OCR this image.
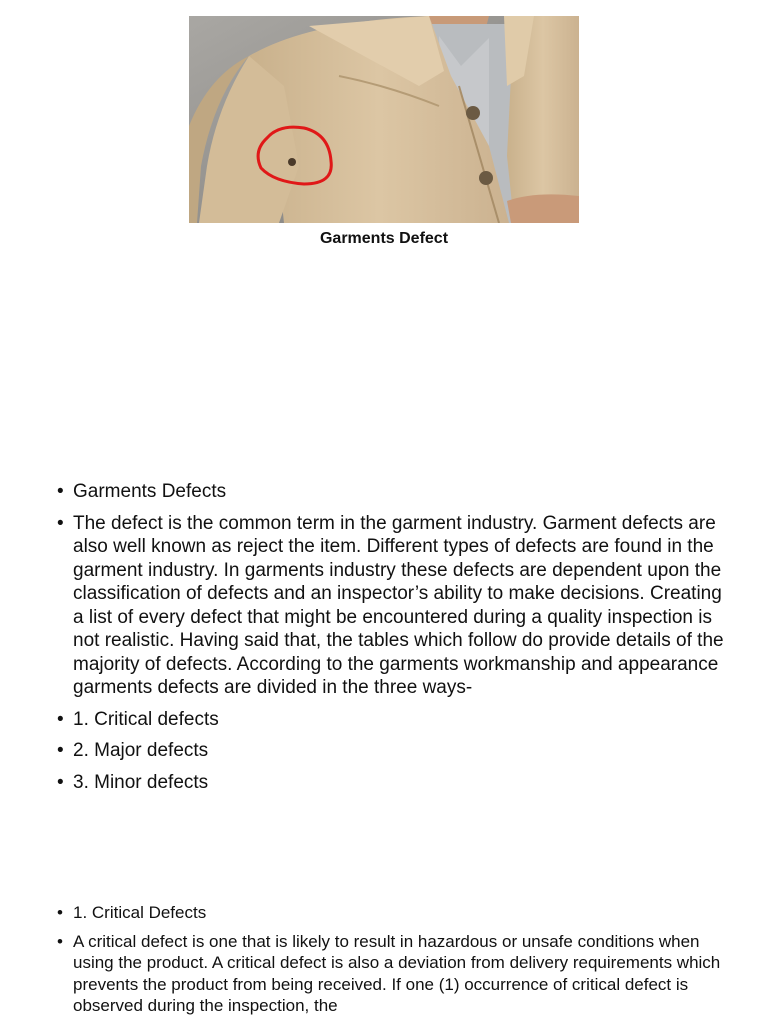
Garments Defect
• Garments Defects
• The defect is the common term in the garment industry. Garment defects are also well known as reject the item. Different types of defects are found in the garment industry. In garments industry these defects are dependent upon the classification of defects and an inspector’s ability to make decisions. Creating a list of every defect that might be encountered during a quality inspection is not realistic. Having said that, the tables which follow do provide details of the majority of defects. According to the garments workmanship and appearance garments defects are divided in the three ways-
• 1. Critical defects
• 2. Major defects
• 3. Minor defects
• 1. Critical Defects
• A critical defect is one that is likely to result in hazardous or unsafe conditions when using the product. A critical defect is also a deviation from delivery requirements which prevents the product from being received. If one (1) occurrence of critical defect is observed during the inspection, the
